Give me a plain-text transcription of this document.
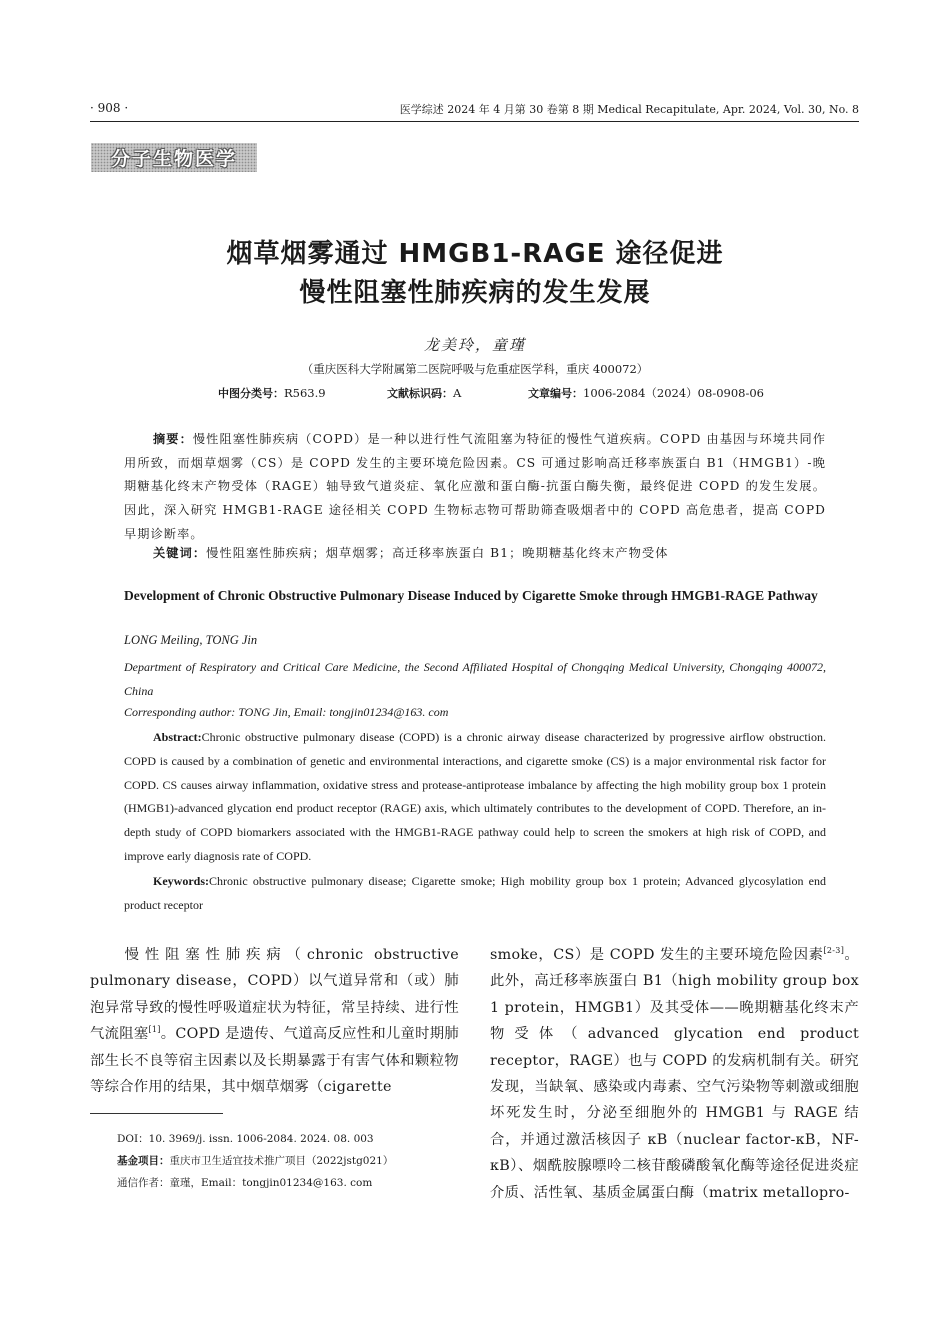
· 908 ·	医学综述 2024 年 4 月第 30 卷第 8 期 Medical Recapitulate, Apr. 2024, Vol. 30, No. 8
分子生物医学
烟草烟雾通过 HMGB1-RAGE 途径促进
慢性阻塞性肺疾病的发生发展
龙美玲，童瑾
（重庆医科大学附属第二医院呼吸与危重症医学科，重庆 400072）
中图分类号：R563.9	文献标识码：A	文章编号：1006-2084（2024）08-0908-06
摘要：慢性阻塞性肺疾病（COPD）是一种以进行性气流阻塞为特征的慢性气道疾病。COPD 由基因与环境共同作用所致，而烟草烟雾（CS）是 COPD 发生的主要环境危险因素。CS 可通过影响高迁移率族蛋白 B1（HMGB1）-晚期糖基化终末产物受体（RAGE）轴导致气道炎症、氧化应激和蛋白酶-抗蛋白酶失衡，最终促进 COPD 的发生发展。因此，深入研究 HMGB1-RAGE 途径相关 COPD 生物标志物可帮助筛查吸烟者中的 COPD 高危患者，提高 COPD 早期诊断率。
关键词：慢性阻塞性肺疾病；烟草烟雾；高迁移率族蛋白 B1；晚期糖基化终末产物受体
Development of Chronic Obstructive Pulmonary Disease Induced by Cigarette Smoke through HMGB1-RAGE Pathway
LONG Meiling, TONG Jin
Department of Respiratory and Critical Care Medicine, the Second Affiliated Hospital of Chongqing Medical University, Chongqing 400072, China
Corresponding author: TONG Jin, Email: tongjin01234@163. com
Abstract:Chronic obstructive pulmonary disease (COPD) is a chronic airway disease characterized by progressive airflow obstruction. COPD is caused by a combination of genetic and environmental interactions, and cigarette smoke (CS) is a major environmental risk factor for COPD. CS causes airway inflammation, oxidative stress and protease-antiprotease imbalance by affecting the high mobility group box 1 protein (HMGB1)-advanced glycation end product receptor (RAGE) axis, which ultimately contributes to the development of COPD. Therefore, an in-depth study of COPD biomarkers associated with the HMGB1-RAGE pathway could help to screen the smokers at high risk of COPD, and improve early diagnosis rate of COPD.
Keywords:Chronic obstructive pulmonary disease; Cigarette smoke; High mobility group box 1 protein; Advanced glycosylation end product receptor
慢性阻塞性肺疾病（chronic obstructive pulmonary disease，COPD）以气道异常和（或）肺泡异常导致的慢性呼吸道症状为特征，常呈持续、进行性气流阻塞[1]。COPD 是遗传、气道高反应性和儿童时期肺部生长不良等宿主因素以及长期暴露于有害气体和颗粒物等综合作用的结果，其中烟草烟雾（cigarette
smoke，CS）是 COPD 发生的主要环境危险因素[2-3]。此外，高迁移率族蛋白 B1（high mobility group box 1 protein，HMGB1）及其受体——晚期糖基化终末产物受体（advanced glycation end product receptor，RAGE）也与 COPD 的发病机制有关。研究发现，当缺氧、感染或内毒素、空气污染物等刺激或细胞坏死发生时，分泌至细胞外的 HMGB1 与 RAGE 结合，并通过激活核因子 κB（nuclear factor-κB，NF-κB）、烟酰胺腺嘌呤二核苷酸磷酸氧化酶等途径促进炎症介质、活性氧、基质金属蛋白酶（matrix metallopro-
DOI：10. 3969/j. issn. 1006-2084. 2024. 08. 003
基金项目：重庆市卫生适宜技术推广项目（2022jstg021）
通信作者：童瑾，Email：tongjin01234@163. com
